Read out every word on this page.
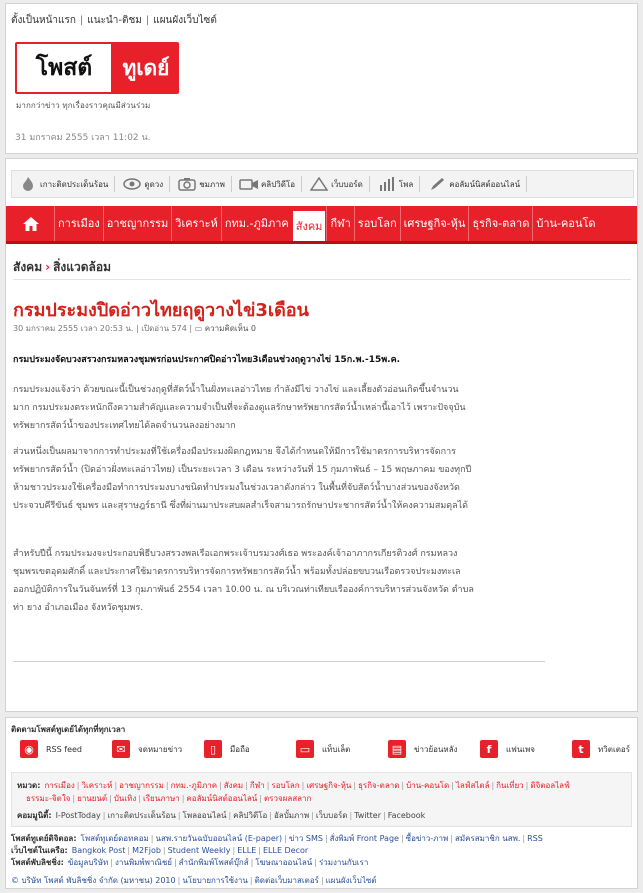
ตั้งเป็นหน้าแรก | แนะนำ-ติชม | แผนผังเว็บไซต์
โพสต์	ทูเดย์
มากกว่าข่าว ทุกเรื่องราวคุณมีส่วนร่วม
31 มกราคม 2555 เวลา 11:02 น.
เกาะติดประเด็นร้อน	ดูดวง	ชมภาพ	คลิปวิดีโอ	เว็บบอร์ด	โพล	คอลัมน์นิสต์ออนไลน์
การเมือง อาชญากรรม วิเคราะห์ กทม.-ภูมิภาค สังคม กีฬา รอบโลก เศรษฐกิจ-หุ้น ธุรกิจ-ตลาด บ้าน-คอนโด
สังคม › สิ่งแวดล้อม
กรมประมงปิดอ่าวไทยฤดูวางไข่3เดือน
30 มกราคม 2555 เวลา 20:53 น. | เปิดอ่าน 574 | ▭ ความคิดเห็น 0
กรมประมงจัดบวงสรวงกรมหลวงชุมพรก่อนประกาศปิดอ่าวไทย3เดือนช่วงฤดูวางไข่ 15ก.พ.-15พ.ค.
กรมประมงแจ้งว่า ด้วยขณะนี้เป็นช่วงฤดูที่สัตว์น้ำในฝั่งทะเลอ่าวไทย กำลังมีไข่ วางไข่ และเลี้ยงตัวอ่อนเกิดขึ้นจำนวน
มาก กรมประมงตระหนักถึงความสำคัญและความจำเป็นที่จะต้องดูแลรักษาทรัพยากรสัตว์น้ำเหล่านี้เอาไว้ เพราะปัจจุบัน
ทรัพยากรสัตว์น้ำของประเทศไทยได้ลดจำนวนลงอย่างมาก
ส่วนหนึ่งเป็นผลมาจากการทำประมงที่ใช้เครื่องมือประมงผิดกฎหมาย จึงได้กำหนดให้มีการใช้มาตรการบริหารจัดการ
ทรัพยากรสัตว์น้ำ (ปิดอ่าวฝั่งทะเลอ่าวไทย) เป็นระยะเวลา 3 เดือน ระหว่างวันที่ 15 กุมภาพันธ์ – 15 พฤษภาคม ของทุกปี
ห้ามชาวประมงใช้เครื่องมือทำการประมงบางชนิดทำประมงในช่วงเวลาดังกล่าว ในพื้นที่จับสัตว์น้ำบางส่วนของจังหวัด
ประจวบคีรีขันธ์ ชุมพร และสุราษฎร์ธานี ซึ่งที่ผ่านมาประสบผลสำเร็จสามารถรักษาประชากรสัตว์น้ำให้คงความสมดุลได้
สำหรับปีนี้ กรมประมงจะประกอบพิธีบวงสรวงพลเรือเอกพระเจ้าบรมวงศ์เธอ พระองค์เจ้าอาภากรเกียรติวงศ์ กรมหลวง
ชุมพรเขตอุดมศักดิ์ และประกาศใช้มาตรการบริหารจัดการทรัพยากรสัตว์น้ำ พร้อมทั้งปล่อยขบวนเรือตรวจประมงทะเล
ออกปฏิบัติการในวันจันทร์ที่ 13 กุมภาพันธ์ 2554 เวลา 10.00 น. ณ บริเวณท่าเทียบเรือองค์การบริหารส่วนจังหวัด ตำบล
ท่า ยาง อำเภอเมือง จังหวัดชุมพร.
ติดตามโพสต์ทูเดย์ได้ทุกที่ทุกเวลา
◉	RSS feed	✉	จดหมายข่าว	▯	มือถือ	▭	แท็บเล็ต	▤	ข่าวย้อนหลัง	f	แฟนเพจ	t	ทวิตเตอร์
หมวด: การเมือง | วิเคราะห์ | อาชญากรรม | กทม.-ภูมิภาค | สังคม | กีฬา | รอบโลก | เศรษฐกิจ-หุ้น | ธุรกิจ-ตลาด | บ้าน-คอนโด | ไลฟ์สไตล์ | กินเที่ยว | ดิจิตอลไลฟ์
ธรรมะ-จิตใจ | ยานยนต์ | บันเทิง | เรียนภาษา | คอลัมน์นิสต์ออนไลน์ | ตรวจผลสลาก
คอมมูนิตี้: I-PostToday | เกาะติดประเด็นร้อน | โพลออนไลน์ | คลิปวิดีโอ | อัลบั้มภาพ | เว็บบอร์ด | Twitter | Facebook
โพสต์ทูเดย์ดิจิตอล: โพสต์ทูเดย์ดอทคอม | นสพ.รายวันฉบับออนไลน์ (E-paper) | ข่าว SMS | สั่งพิมพ์ Front Page | ซื้อข่าว-ภาพ | สมัครสมาชิก นสพ. | RSS
เว็บไซต์ในเครือ: Bangkok Post | M2Fjob | Student Weekly | ELLE | ELLE Decor
โพสต์พับลิชชิ่ง: ข้อมูลบริษัท | งานพิมพ์พาณิชย์ | สำนักพิมพ์โพสต์บุ๊กส์ | โฆษณาออนไลน์ | ร่วมงานกับเรา
© บริษัท โพสต์ พับลิชชิ่ง จำกัด (มหาชน) 2010 | นโยบายการใช้งาน | ติดต่อเว็บมาสเตอร์ | แผนผังเว็บไซต์
